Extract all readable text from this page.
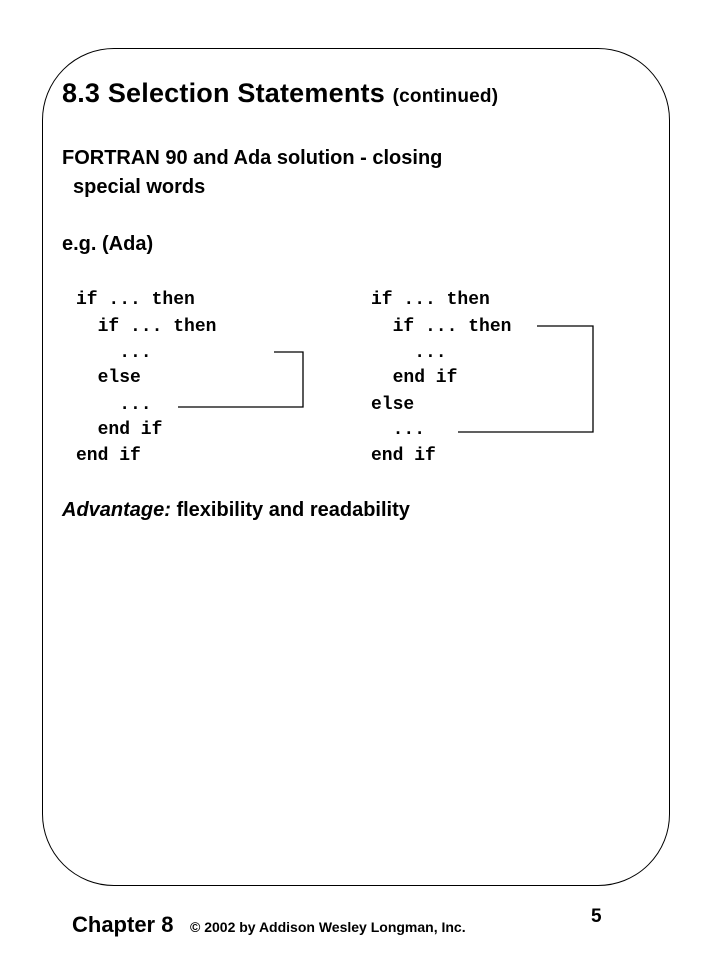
8.3 Selection Statements (continued)
FORTRAN 90 and Ada solution - closing
special words
e.g. (Ada)
if ... then
if ... then
...
else
...
end if
end if
if ... then
if ... then
...
end if
else
...
end if
Advantage: flexibility and readability
Chapter 8 © 2002 by Addison Wesley Longman, Inc.	5
